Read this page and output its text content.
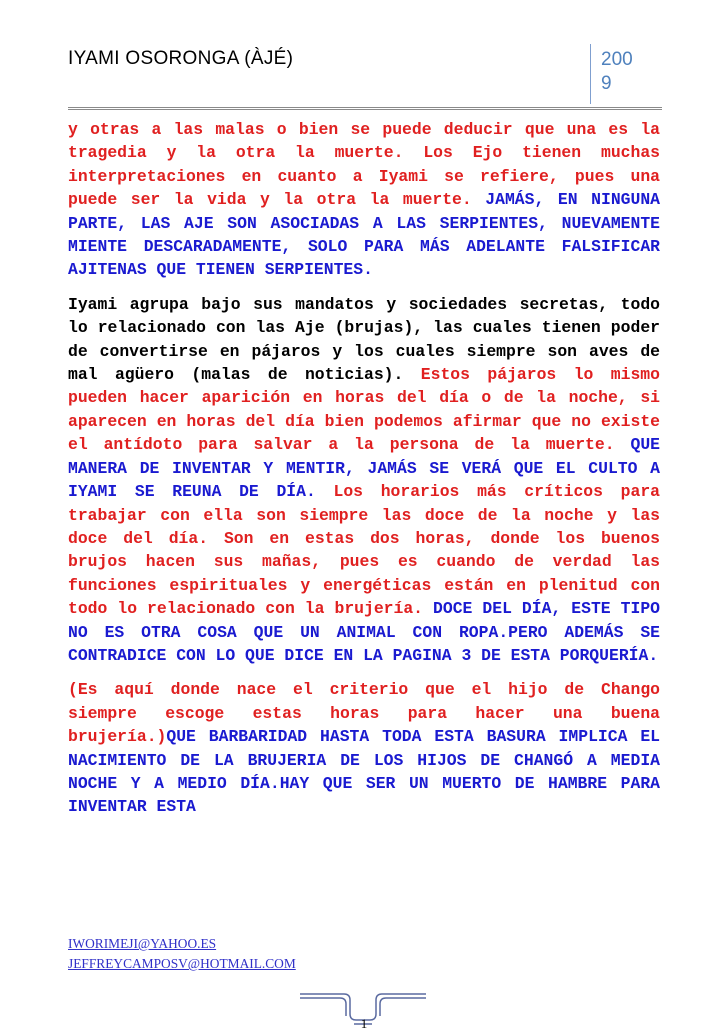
IYAMI OSORONGA (ÀJÉ)	2009

y otras a las malas o bien se puede deducir que una es la tragedia y la otra la muerte. Los Ejo tienen muchas interpretaciones en cuanto a Iyami se refiere, pues una puede ser la vida y la otra la muerte. JAMÁS, EN NINGUNA PARTE, LAS AJE SON ASOCIADAS A LAS SERPIENTES, NUEVAMENTE MIENTE DESCARADAMENTE, SOLO PARA MÁS ADELANTE FALSIFICAR AJITENAS QUE TIENEN SERPIENTES.

Iyami agrupa bajo sus mandatos y sociedades secretas, todo lo relacionado con las Aje (brujas), las cuales tienen poder de convertirse en pájaros y los cuales siempre son aves de mal agüero (malas de noticias). Estos pájaros lo mismo pueden hacer aparición en horas del día o de la noche, si aparecen en horas del día bien podemos afirmar que no existe el antídoto para salvar a la persona de la muerte. QUE MANERA DE INVENTAR Y MENTIR, JAMÁS SE VERÁ QUE EL CULTO A IYAMI SE REUNA DE DÍA. Los horarios más críticos para trabajar con ella son siempre las doce de la noche y las doce del día. Son en estas dos horas, donde los buenos brujos hacen sus mañas, pues es cuando de verdad las funciones espirituales y energéticas están en plenitud con todo lo relacionado con la brujería. DOCE DEL DÍA, ESTE TIPO NO ES OTRA COSA QUE UN ANIMAL CON ROPA.PERO ADEMÁS SE CONTRADICE CON LO QUE DICE EN LA PAGINA 3 DE ESTA PORQUERÍA.

(Es aquí donde nace el criterio que el hijo de Chango siempre escoge estas horas para hacer una buena brujería.)QUE BARBARIDAD HASTA TODA ESTA BASURA IMPLICA EL NACIMIENTO DE LA BRUJERIA DE LOS HIJOS DE CHANGÓ A MEDIA NOCHE Y A MEDIO DÍA.HAY QUE SER UN MUERTO DE HAMBRE PARA INVENTAR ESTA

IWORIMEJI@YAHOO.ES
JEFFREYCAMPOSV@HOTMAIL.COM
1
